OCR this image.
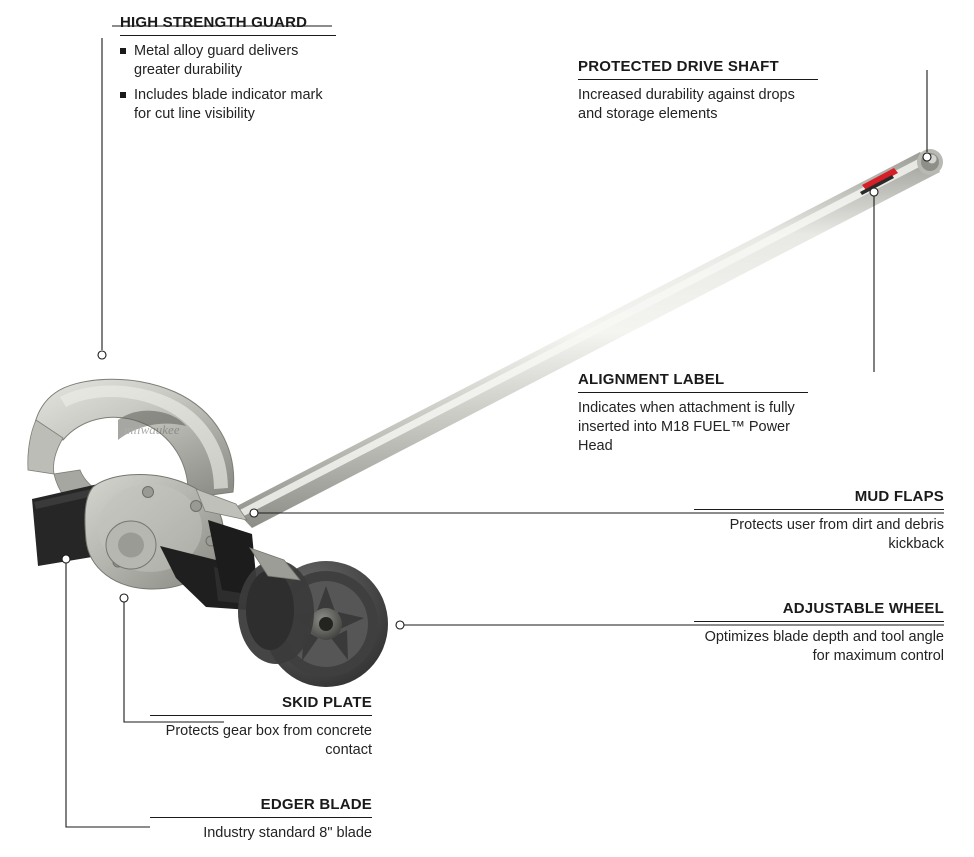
milwaukee
HIGH STRENGTH GUARD
Metal alloy guard delivers greater durability
Includes blade indicator mark for cut line visibility
PROTECTED DRIVE SHAFT
Increased durability against drops and storage elements
ALIGNMENT LABEL
Indicates when attachment is fully inserted into M18 FUEL™ Power Head
MUD FLAPS
Protects user from dirt and debris kickback
ADJUSTABLE WHEEL
Optimizes blade depth and tool angle for maximum control
SKID PLATE
Protects gear box from concrete contact
EDGER BLADE
Industry standard 8" blade
